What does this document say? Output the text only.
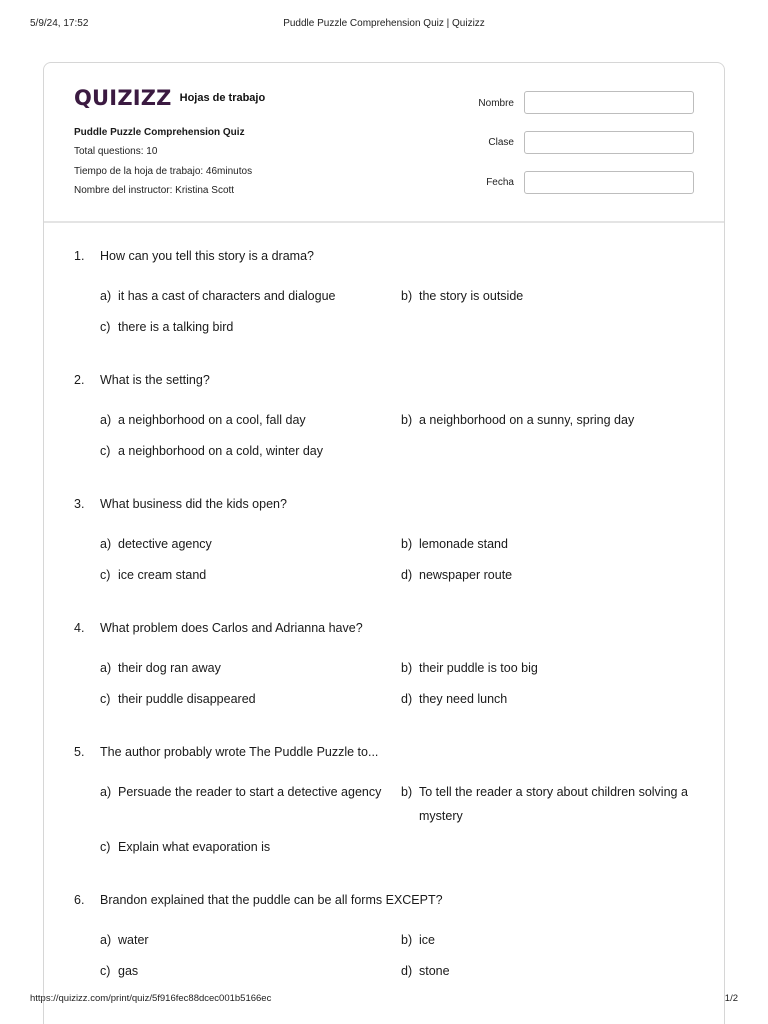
5/9/24, 17:52	Puddle Puzzle Comprehension Quiz | Quizizz
QUIZIZZ Hojas de trabajo
Puddle Puzzle Comprehension Quiz
Total questions: 10
Tiempo de la hoja de trabajo: 46minutos
Nombre del instructor: Kristina Scott
Nombre
Clase
Fecha
1. How can you tell this story is a drama?
a) it has a cast of characters and dialogue	b) the story is outside
c) there is a talking bird
2. What is the setting?
a) a neighborhood on a cool, fall day	b) a neighborhood on a sunny, spring day
c) a neighborhood on a cold, winter day
3. What business did the kids open?
a) detective agency	b) lemonade stand
c) ice cream stand	d) newspaper route
4. What problem does Carlos and Adrianna have?
a) their dog ran away	b) their puddle is too big
c) their puddle disappeared	d) they need lunch
5. The author probably wrote The Puddle Puzzle to...
a) Persuade the reader to start a detective agency	b) To tell the reader a story about children solving a mystery
c) Explain what evaporation is
6. Brandon explained that the puddle can be all forms EXCEPT?
a) water	b) ice
c) gas	d) stone
https://quizizz.com/print/quiz/5f916fec88dcec001b5166ec	1/2
